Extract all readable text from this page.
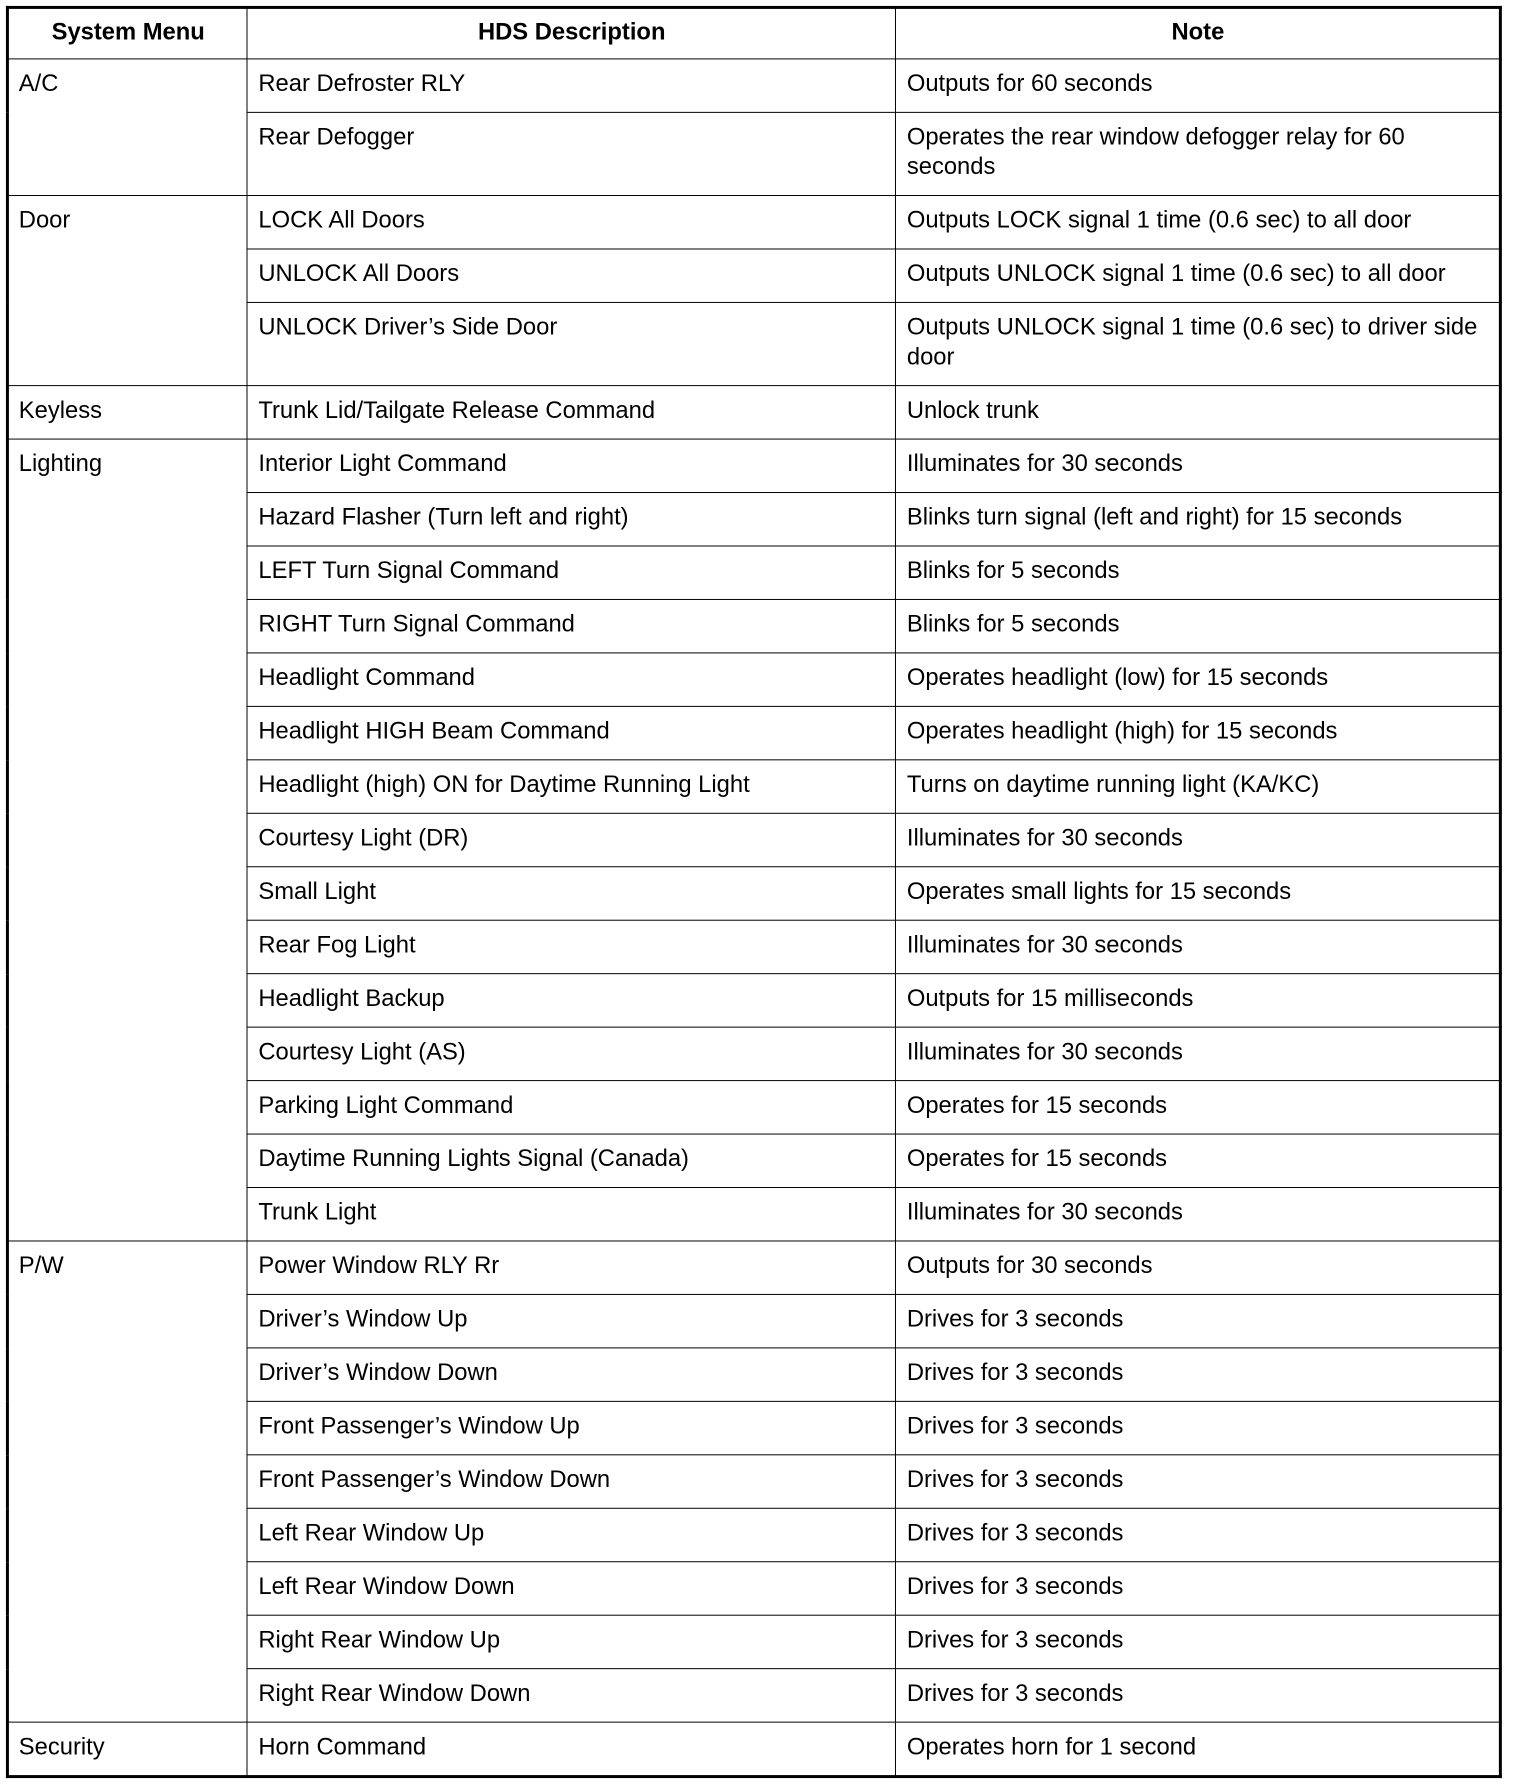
System Menu	HDS Description	Note
A/C	Rear Defroster RLY	Outputs for 60 seconds
	Rear Defogger	Operates the rear window defogger relay for 60 seconds
Door	LOCK All Doors	Outputs LOCK signal 1 time (0.6 sec) to all door
	UNLOCK All Doors	Outputs UNLOCK signal 1 time (0.6 sec) to all door
	UNLOCK Driver’s Side Door	Outputs UNLOCK signal 1 time (0.6 sec) to driver side door
Keyless	Trunk Lid/Tailgate Release Command	Unlock trunk
Lighting	Interior Light Command	Illuminates for 30 seconds
	Hazard Flasher (Turn left and right)	Blinks turn signal (left and right) for 15 seconds
	LEFT Turn Signal Command	Blinks for 5 seconds
	RIGHT Turn Signal Command	Blinks for 5 seconds
	Headlight Command	Operates headlight (low) for 15 seconds
	Headlight HIGH Beam Command	Operates headlight (high) for 15 seconds
	Headlight (high) ON for Daytime Running Light	Turns on daytime running light (KA/KC)
	Courtesy Light (DR)	Illuminates for 30 seconds
	Small Light	Operates small lights for 15 seconds
	Rear Fog Light	Illuminates for 30 seconds
	Headlight Backup	Outputs for 15 milliseconds
	Courtesy Light (AS)	Illuminates for 30 seconds
	Parking Light Command	Operates for 15 seconds
	Daytime Running Lights Signal (Canada)	Operates for 15 seconds
	Trunk Light	Illuminates for 30 seconds
P/W	Power Window RLY Rr	Outputs for 30 seconds
	Driver’s Window Up	Drives for 3 seconds
	Driver’s Window Down	Drives for 3 seconds
	Front Passenger’s Window Up	Drives for 3 seconds
	Front Passenger’s Window Down	Drives for 3 seconds
	Left Rear Window Up	Drives for 3 seconds
	Left Rear Window Down	Drives for 3 seconds
	Right Rear Window Up	Drives for 3 seconds
	Right Rear Window Down	Drives for 3 seconds
Security	Horn Command	Operates horn for 1 second
